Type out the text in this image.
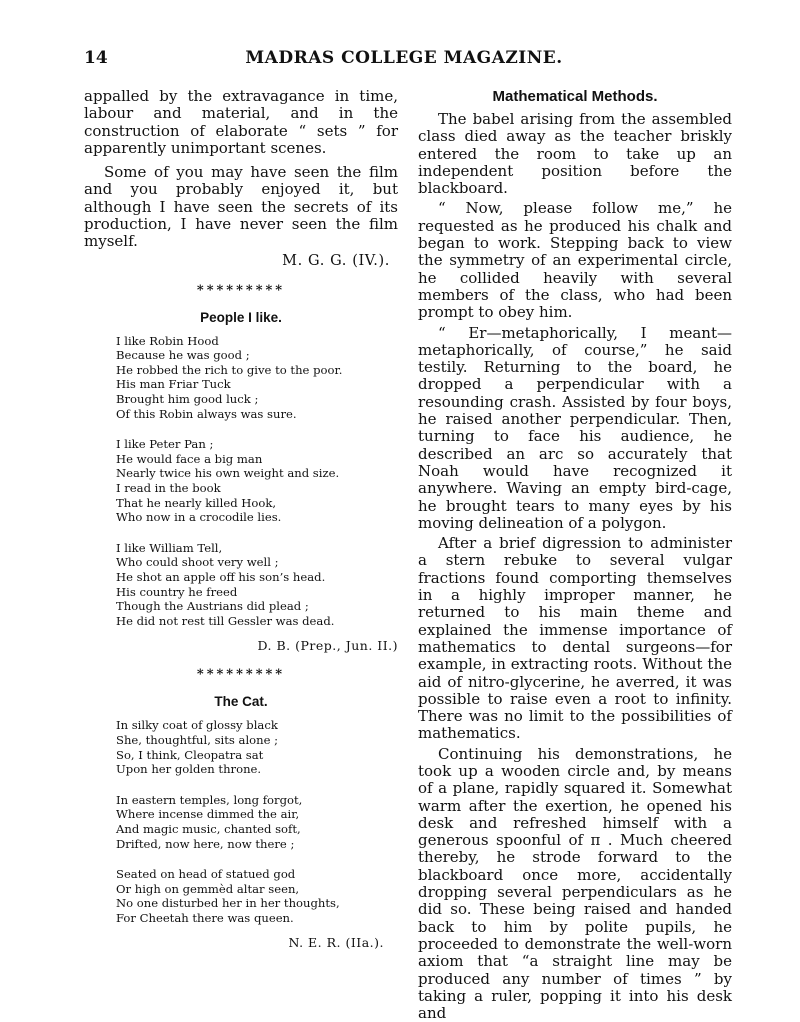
14	MADRAS COLLEGE MAGAZINE.

appalled by the extravagance in time, labour and material, and in the construction of elaborate “ sets ” for apparently unimportant scenes.

Some of you may have seen the film and you probably enjoyed it, but although I have seen the secrets of its production, I have never seen the film myself.

M. G. G. (IV.).
*********
People I like.
I like Robin Hood
Because he was good ;
He robbed the rich to give to the poor.
His man Friar Tuck
Brought him good luck ;
Of this Robin always was sure.
I like Peter Pan ;
He would face a big man
Nearly twice his own weight and size.
I read in the book
That he nearly killed Hook,
Who now in a crocodile lies.
I like William Tell,
Who could shoot very well ;
He shot an apple off his son’s head.
His country he freed
Though the Austrians did plead ;
He did not rest till Gessler was dead.
D. B. (Prep., Jun. II.)
*********
The Cat.
In silky coat of glossy black
She, thoughtful, sits alone ;
So, I think, Cleopatra sat
Upon her golden throne.
In eastern temples, long forgot,
Where incense dimmed the air,
And magic music, chanted soft,
Drifted, now here, now there ;
Seated on head of statued god
Or high on gemmèd altar seen,
No one disturbed her in her thoughts,
For Cheetah there was queen.
N. E. R. (IIa.).
Mathematical Methods.

The babel arising from the assembled class died away as the teacher briskly entered the room to take up an independent position before the blackboard.

“ Now, please follow me,” he requested as he produced his chalk and began to work. Stepping back to view the symmetry of an experimental circle, he collided heavily with several members of the class, who had been prompt to obey him.

“ Er—metaphorically, I meant— metaphorically, of course,” he said testily. Returning to the board, he dropped a perpendicular with a resounding crash. Assisted by four boys, he raised another perpendicular. Then, turning to face his audience, he described an arc so accurately that Noah would have recognized it anywhere. Waving an empty bird-cage, he brought tears to many eyes by his moving delineation of a polygon.

After a brief digression to administer a stern rebuke to several vulgar fractions found comporting themselves in a highly improper manner, he returned to his main theme and explained the immense importance of mathematics to dental surgeons—for example, in extracting roots. Without the aid of nitro-glycerine, he averred, it was possible to raise even a root to infinity. There was no limit to the possibilities of mathematics.

Continuing his demonstrations, he took up a wooden circle and, by means of a plane, rapidly squared it. Somewhat warm after the exertion, he opened his desk and refreshed himself with a generous spoonful of π . Much cheered thereby, he strode forward to the blackboard once more, accidentally dropping several perpendiculars as he did so. These being raised and handed back to him by polite pupils, he proceeded to demonstrate the well-worn axiom that “a straight line may be produced any number of times ” by taking a ruler, popping it into his desk and
